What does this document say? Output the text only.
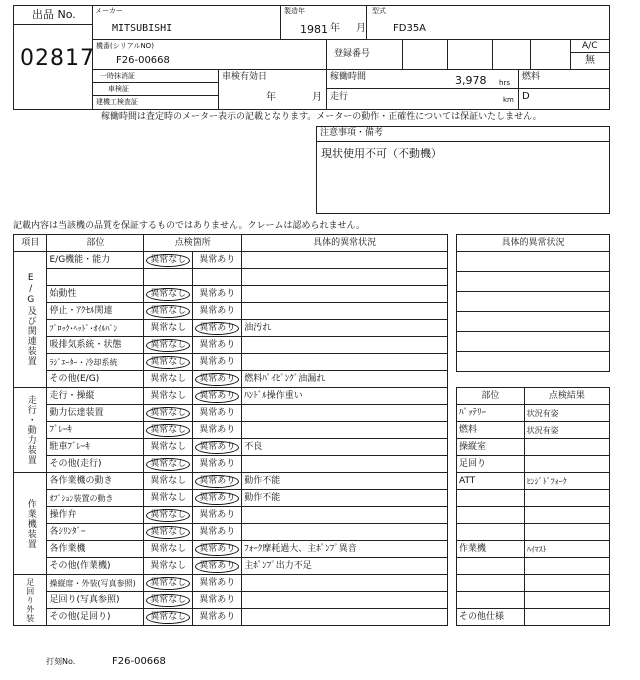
出品 No.
02817
メーカー
MITSUBISHI
製造年
1981 年 月
型式
FD35A
機番(シリアルNO)
F26-00668
登録番号
A/C
無
一時抹消証
車検証
建機工検査証
車検有効日
年	月
稼働時間	3,978 hrs
走行	km
燃料
D
稼働時間は査定時のメーター表示の記載となります。メーターの動作・正確性については保証いたしません。
注意事項・備考
現状使用不可（不動機）
記載内容は当該機の品質を保証するものではありません。クレームは認められません。
項目	部位	点検箇所		具体的異常状況

E/G及び関連装置	E/G機能・能力	異常なし	異常あり	

	始動性	異常なし	異常あり	
	停止・ｱｸｾﾙ関連	異常なし	異常あり	
	ﾌﾞﾛｯｸ･ﾍｯﾄﾞ･ｵｲﾙﾊﾟﾝ	異常なし	異常あり	油汚れ
	吸排気系統・状態	異常なし	異常あり	
	ﾗｼﾞｴｰﾀｰ・冷却系統	異常なし	異常あり	
	その他(E/G)	異常なし	異常あり	燃料ﾊﾟｲﾋﾟﾝｸﾞ油漏れ

走行・動力装置	走行・操縦	異常なし	異常あり	ﾊﾝﾄﾞﾙ操作重い
	動力伝達装置	異常なし	異常あり	
	ﾌﾞﾚｰｷ	異常なし	異常あり	
	駐車ﾌﾞﾚｰｷ	異常なし	異常あり	不良
	その他(走行)	異常なし	異常あり	

作業機装置	各作業機の動き	異常なし	異常あり	動作不能
	ｵﾌﾟｼｮﾝ装置の動き	異常なし	異常あり	動作不能
	操作弁	異常なし	異常あり	
	各ｼﾘﾝﾀﾞｰ	異常なし	異常あり	
	各作業機	異常なし	異常あり	ﾌｫｰｸ摩耗過大、主ﾎﾟﾝﾌﾟ異音
	その他(作業機)	異常なし	異常あり	主ﾎﾟﾝﾌﾟ出力不足

足回り外装	操縦席・外装(写真参照)	異常なし	異常あり	
	足回り(写真参照)	異常なし	異常あり	
	その他(足回り)	異常なし	異常あり	
具体的異常状況

部位	点検結果
ﾊﾞｯﾃﾘｰ	状況有姿
燃料	状況有姿
操縦室	
足回り	
ATT	ﾋﾝｼﾞﾄﾞﾌｫｰｸ

作業機	ﾊｲﾏｽﾄ

その他仕様	
打刻No.	F26-00668
